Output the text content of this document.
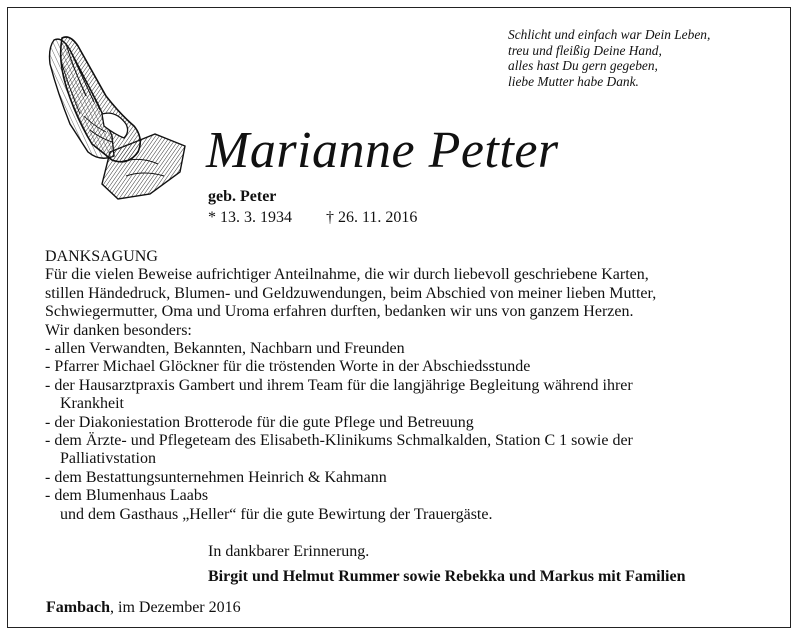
Schlicht und einfach war Dein Leben,
treu und fleißig Deine Hand,
alles hast Du gern gegeben,
liebe Mutter habe Dank.
Marianne Petter
geb. Peter
* 13. 3. 1934 † 26. 11. 2016
DANKSAGUNG
Für die vielen Beweise aufrichtiger Anteilnahme, die wir durch liebevoll geschriebene Karten,
stillen Händedruck, Blumen- und Geldzuwendungen, beim Abschied von meiner lieben Mutter,
Schwiegermutter, Oma und Uroma erfahren durften, bedanken wir uns von ganzem Herzen.
Wir danken besonders:
- allen Verwandten, Bekannten, Nachbarn und Freunden
- Pfarrer Michael Glöckner für die tröstenden Worte in der Abschiedsstunde
- der Hausarztpraxis Gambert und ihrem Team für die langjährige Begleitung während ihrer
Krankheit
- der Diakoniestation Brotterode für die gute Pflege und Betreuung
- dem Ärzte- und Pflegeteam des Elisabeth-Klinikums Schmalkalden, Station C 1 sowie der
Palliativstation
- dem Bestattungsunternehmen Heinrich & Kahmann
- dem Blumenhaus Laabs
und dem Gasthaus „Heller“ für die gute Bewirtung der Trauergäste.
In dankbarer Erinnerung.
Birgit und Helmut Rummer sowie Rebekka und Markus mit Familien
Fambach, im Dezember 2016
